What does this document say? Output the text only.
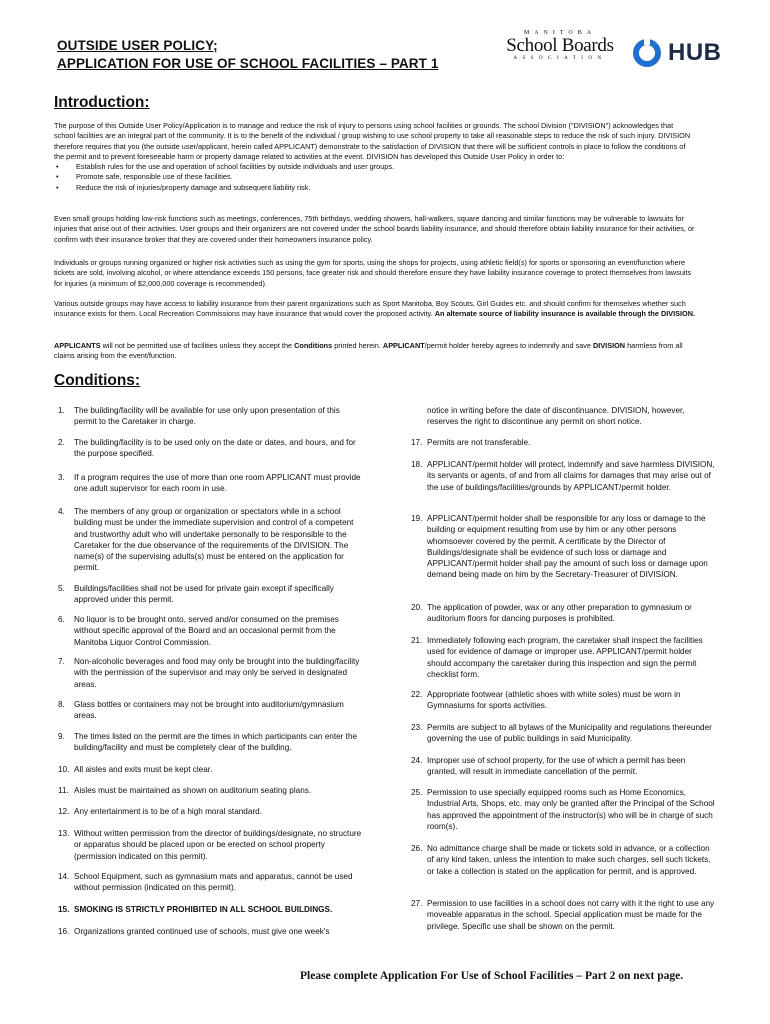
OUTSIDE USER POLICY;
APPLICATION FOR USE OF SCHOOL FACILITIES – PART 1
MANITOBA
School Boards
ASSOCIATION	HUB
Introduction:

The purpose of this Outside User Policy/Application is to manage and reduce the risk of injury to persons using school facilities or grounds. The school Division ("DIVISION") acknowledges that school facilities are an integral part of the community. It is to the benefit of the individual / group wishing to use school property to take all reasonable steps to reduce the risk of such injury. DIVISION therefore requires that you (the outside user/applicant, herein called APPLICANT) demonstrate to the satisfaction of DIVISION that there will be sufficient controls in place to follow the conditions of the permit and to prevent foreseeable harm or property damage related to activities at the event. DIVISION has developed this Outside User Policy in order to:

• Establish rules for the use and operation of school facilities by outside individuals and user groups.
• Promote safe, responsible use of these facilities.
• Reduce the risk of injuries/property damage and subsequent liability risk.

Even small groups holding low-risk functions such as meetings, conferences, 75th birthdays, wedding showers, hall-walkers, square dancing and similar functions may be vulnerable to lawsuits for injuries that arise out of their activities. User groups and their organizers are not covered under the school boards liability insurance, and should therefore obtain liability insurance for their activities, or confirm with their insurance broker that they are covered under their homeowners insurance policy.

Individuals or groups running organized or higher risk activities such as using the gym for sports, using the shops for projects, using athletic field(s) for sports or sponsoring an event/function where tickets are sold, involving alcohol, or where attendance exceeds 150 persons, face greater risk and should therefore ensure they have liability insurance coverage to protect themselves from lawsuits for injuries (a minimum of $2,000,000 coverage is recommended).

Various outside groups may have access to liability insurance from their parent organizations such as Sport Manitoba, Boy Scouts, Girl Guides etc. and should confirm for themselves whether such insurance exists for them. Local Recreation Commissions may have insurance that would cover the proposed activity. An alternate source of liability insurance is available through the DIVISION.

APPLICANTS will not be permitted use of facilities unless they accept the Conditions printed herein. APPLICANT/permit holder hereby agrees to indemnify and save DIVISION harmless from all claims arising from the event/function.

Conditions:
1. The building/facility will be available for use only upon presentation of this permit to the Caretaker in charge.
2. The building/facility is to be used only on the date or dates, and hours, and for the purpose specified.
3. If a program requires the use of more than one room APPLICANT must provide one adult supervisor for each room in use.
4. The members of any group or organization or spectators while in a school building must be under the immediate supervision and control of a competent and trustworthy adult who will undertake personally to be responsible to the Caretaker for the due observance of the requirements of the DIVISION. The name(s) of the supervising adults(s) must be entered on the application for permit.
5. Buildings/facilities shall not be used for private gain except if specifically approved under this permit.
6. No liquor is to be brought onto, served and/or consumed on the premises without specific approval of the Board and an occasional permit from the Manitoba Liquor Control Commission.
7. Non-alcoholic beverages and food may only be brought into the building/facility with the permission of the supervisor and may only be served in designated areas.
8. Glass bottles or containers may not be brought into auditorium/gymnasium areas.
9. The times listed on the permit are the times in which participants can enter the building/facility and must be completely clear of the building.
10. All aisles and exits must be kept clear.
11. Aisles must be maintained as shown on auditorium seating plans.
12. Any entertainment is to be of a high moral standard.
13. Without written permission from the director of buildings/designate, no structure or apparatus should be placed upon or be erected on school property (permission indicated on this permit).
14. School Equipment, such as gymnasium mats and apparatus, cannot be used without permission (indicated on this permit).
15. SMOKING IS STRICTLY PROHIBITED IN ALL SCHOOL BUILDINGS.
16. Organizations granted continued use of schools, must give one week's
notice in writing before the date of discontinuance. DIVISION, however, reserves the right to discontinue any permit on short notice.
17. Permits are not transferable.
18. APPLICANT/permit holder will protect, indemnify and save harmless DIVISION, its servants or agents, of and from all claims for damages that may arise out of the use of buildings/facilities/grounds by APPLICANT/permit holder.
19. APPLICANT/permit holder shall be responsible for any loss or damage to the building or equipment resulting from use by him or any other persons whomsoever covered by the permit. A certificate by the Director of Buildings/designate shall be evidence of such loss or damage and APPLICANT/permit holder shall pay the amount of such loss or damage upon demand being made on him by the Secretary-Treasurer of DIVISION.
20. The application of powder, wax or any other preparation to gymnasium or auditorium floors for dancing purposes is prohibited.
21. Immediately following each program, the caretaker shall inspect the facilities used for evidence of damage or improper use. APPLICANT/permit holder should accompany the caretaker during this inspection and sign the permit checklist form.
22. Appropriate footwear (athletic shoes with white soles) must be worn in Gymnasiums for sports activities.
23. Permits are subject to all bylaws of the Municipality and regulations thereunder governing the use of public buildings in said Municipality.
24. Improper use of school property, for the use of which a permit has been granted, will result in immediate cancellation of the permit.
25. Permission to use specially equipped rooms such as Home Economics, Industrial Arts, Shops, etc. may only be granted after the Principal of the School has approved the appointment of the instructor(s) who will be in charge of such room(s).
26. No admittance charge shall be made or tickets sold in advance, or a collection of any kind taken, unless the intention to make such charges, sell such tickets, or take a collection is stated on the application for permit, and is approved.
27. Permission to use facilities in a school does not carry with it the right to use any moveable apparatus in the school. Special application must be made for the privilege. Specific use shall be shown on the permit.
Please complete Application For Use of School Facilities – Part 2 on next page.
